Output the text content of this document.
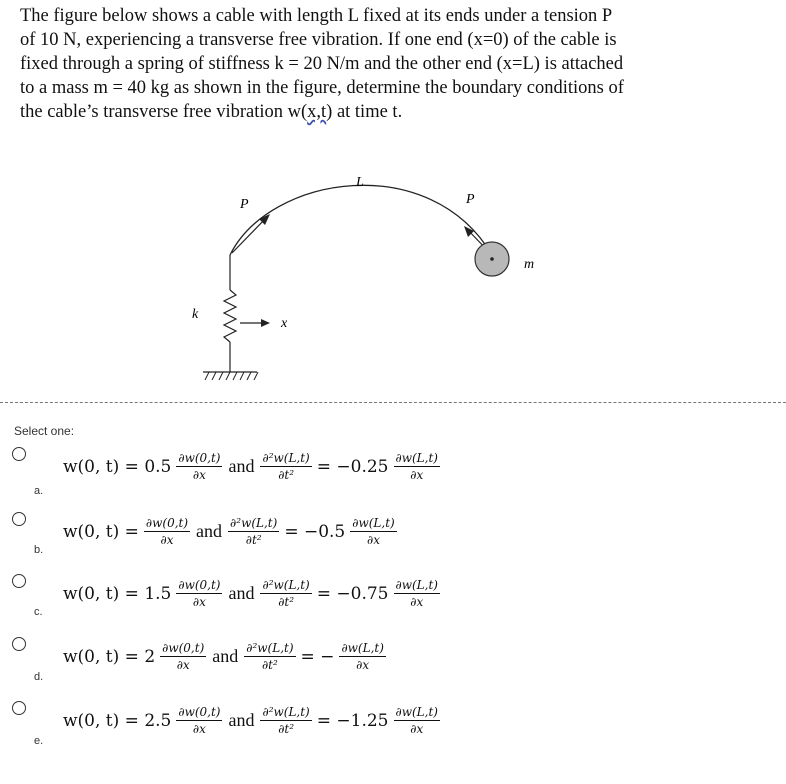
The figure below shows a cable with length L fixed at its ends under a tension P
of 10 N, experiencing a transverse free vibration. If one end (x=0) of the cable is
fixed through a spring of stiffness k = 20 N/m and the other end (x=L) is attached
to a mass m = 40 kg as shown in the figure, determine the boundary conditions of
the cable’s transverse free vibration w(x,t) at time t.
L
P	P
m
k
x
Select one:
a.
w(0, $t) = 0.5 \frac{\partial w(0,t)}{\partial x}$ and $\frac{\text{∂²w(L,t)}}{\text{∂t²}} = -0.25 \frac{\partial w(L,t)}{\partial x}$
b.
w(0, $t) = \frac{\partial w(0,t)}{\partial x}$ and $\frac{\text{∂²w(L,t)}}{\text{∂t²}} = -0.5 \frac{\partial w(L,t)}{\partial x}$
c.
w(0, $t) = 1.5 \frac{\partial w(0,t)}{\partial x}$ and $\frac{\text{∂²w(L,t)}}{\text{∂t²}} = -0.75 \frac{\partial w(L,t)}{\partial x}$
d.
w(0, $t) = 2 \frac{\partial w(0,t)}{\partial x}$ and $\frac{\text{∂²w(L,t)}}{\text{∂t²}}$ = − $\frac{\partial w(L,t)}{\partial x}$
e.
w(0, $t) = 2.5 \frac{\partial w(0,t)}{\partial x}$ and $\frac{\text{∂²w(L,t)}}{\text{∂t²}} = -1.25 \frac{\partial w(L,t)}{\partial x}$
